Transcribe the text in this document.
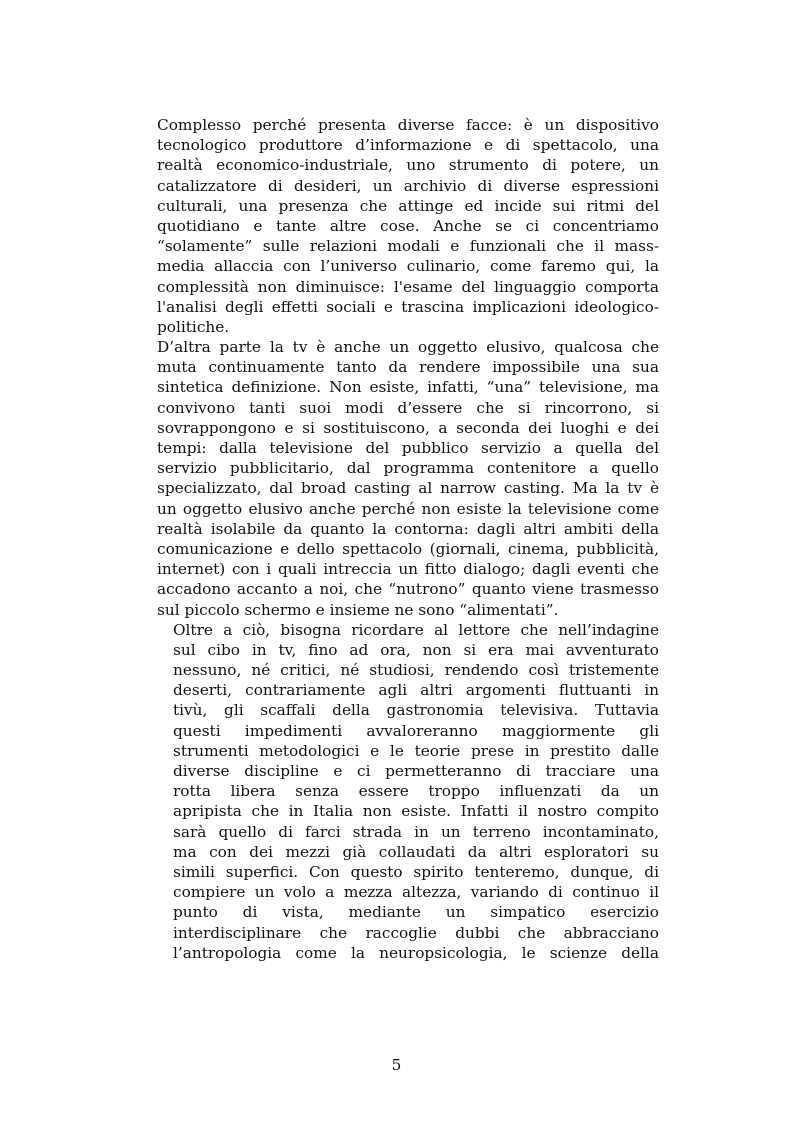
Complesso perché presenta diverse facce: è un dispositivo
tecnologico produttore d’informazione e di spettacolo, una
realtà economico-industriale, uno strumento di potere, un
catalizzatore di desideri, un archivio di diverse espressioni
culturali, una presenza che attinge ed incide sui ritmi del
quotidiano e tante altre cose. Anche se ci concentriamo
“solamente” sulle relazioni modali e funzionali che il mass-
media allaccia con l’universo culinario, come faremo qui, la
complessità non diminuisce: l'esame del linguaggio comporta
l'analisi degli effetti sociali e trascina implicazioni ideologico-
politiche.
D’altra parte la tv è anche un oggetto elusivo, qualcosa che
muta continuamente tanto da rendere impossibile una sua
sintetica definizione. Non esiste, infatti, “una” televisione, ma
convivono tanti suoi modi d’essere che si rincorrono, si
sovrappongono e si sostituiscono, a seconda dei luoghi e dei
tempi: dalla televisione del pubblico servizio a quella del
servizio pubblicitario, dal programma contenitore a quello
specializzato, dal broad casting al narrow casting. Ma la tv è
un oggetto elusivo anche perché non esiste la televisione come
realtà isolabile da quanto la contorna: dagli altri ambiti della
comunicazione e dello spettacolo (giornali, cinema, pubblicità,
internet) con i quali intreccia un fitto dialogo; dagli eventi che
accadono accanto a noi, che “nutrono” quanto viene trasmesso
sul piccolo schermo e insieme ne sono “alimentati”.
Oltre a ciò, bisogna ricordare al lettore che nell’indagine
sul cibo in tv, fino ad ora, non si era mai avventurato
nessuno, né critici, né studiosi, rendendo così tristemente
deserti, contrariamente agli altri argomenti fluttuanti in
tivù, gli scaffali della gastronomia televisiva. Tuttavia
questi impedimenti avvaloreranno maggiormente gli
strumenti metodologici e le teorie prese in prestito dalle
diverse discipline e ci permetteranno di tracciare una
rotta libera senza essere troppo influenzati da un
apripista che in Italia non esiste. Infatti il nostro compito
sarà quello di farci strada in un terreno incontaminato,
ma con dei mezzi già collaudati da altri esploratori su
simili superfici. Con questo spirito tenteremo, dunque, di
compiere un volo a mezza altezza, variando di continuo il
punto di vista, mediante un simpatico esercizio
interdisciplinare che raccoglie dubbi che abbracciano
l’antropologia come la neuropsicologia, le scienze della
5
